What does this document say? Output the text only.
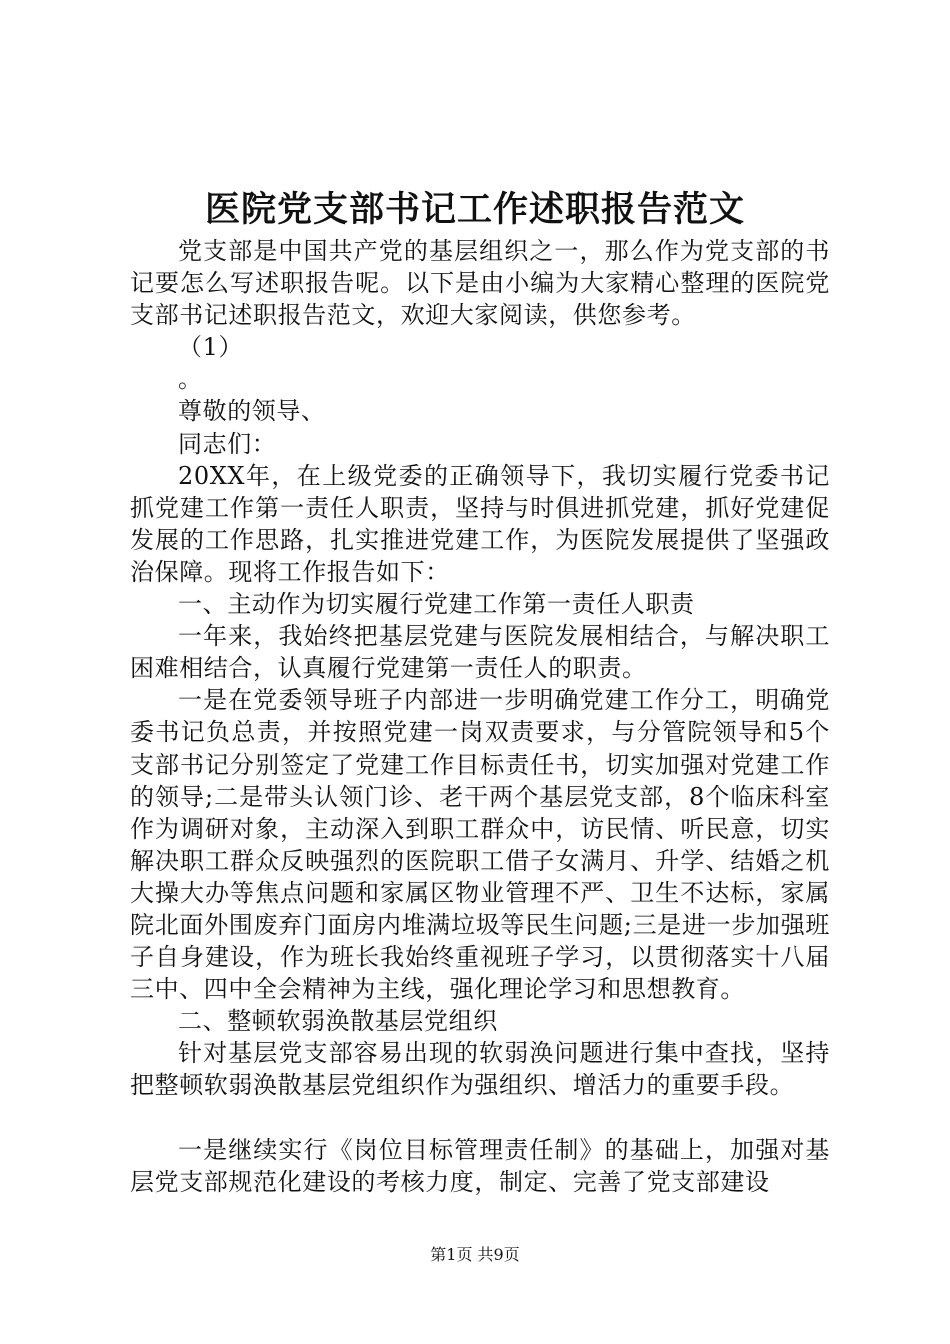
医院党支部书记工作述职报告范文

党支部是中国共产党的基层组织之一，那么作为党支部的书记要怎么写述职报告呢。以下是由小编为大家精心整理的医院党支部书记述职报告范文，欢迎大家阅读，供您参考。

（1）

。

尊敬的领导、

同志们：

20XX年，在上级党委的正确领导下，我切实履行党委书记抓党建工作第一责任人职责，坚持与时俱进抓党建，抓好党建促发展的工作思路，扎实推进党建工作，为医院发展提供了坚强政治保障。现将工作报告如下：

一、主动作为切实履行党建工作第一责任人职责

一年来，我始终把基层党建与医院发展相结合，与解决职工困难相结合，认真履行党建第一责任人的职责。

一是在党委领导班子内部进一步明确党建工作分工，明确党委书记负总责，并按照党建一岗双责要求，与分管院领导和5个支部书记分别签定了党建工作目标责任书，切实加强对党建工作的领导;二是带头认领门诊、老干两个基层党支部，8个临床科室作为调研对象，主动深入到职工群众中，访民情、听民意，切实解决职工群众反映强烈的医院职工借子女满月、升学、结婚之机大操大办等焦点问题和家属区物业管理不严、卫生不达标，家属院北面外围废弃门面房内堆满垃圾等民生问题;三是进一步加强班子自身建设，作为班长我始终重视班子学习，以贯彻落实十八届三中、四中全会精神为主线，强化理论学习和思想教育。

二、整顿软弱涣散基层党组织

针对基层党支部容易出现的软弱涣问题进行集中查找，坚持把整顿软弱涣散基层党组织作为强组织、增活力的重要手段。

一是继续实行《岗位目标管理责任制》的基础上，加强对基层党支部规范化建设的考核力度，制定、完善了党支部建设

第1页 共9页
